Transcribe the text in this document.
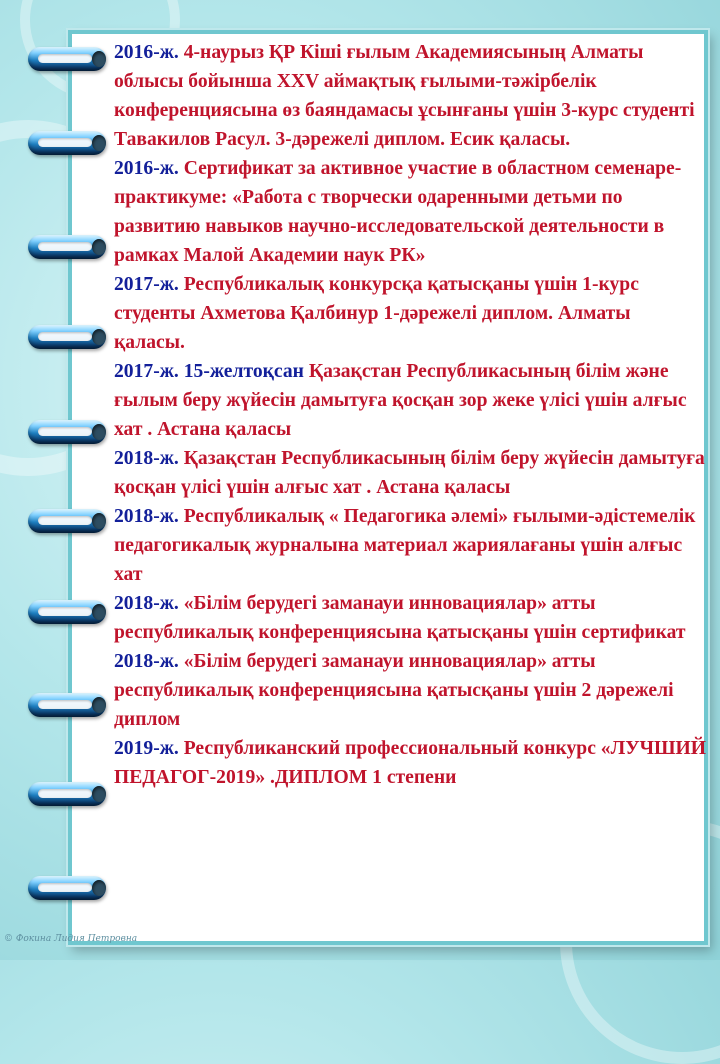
2016-ж. 4-наурыз ҚР Кіші ғылым Академиясының Алматы облысы бойынша XXV аймақтық ғылыми-тәжірбелік конференциясына өз баяндамасы ұсынғаны үшін 3-курс студенті Тавакилов Расул. 3-дәрежелі диплом. Есик қаласы.

2016-ж. Сертификат за активное участие в областном семенаре-практикуме: «Работа с творчески одаренными детьми по развитию навыков научно-исследовательской деятельности в рамках Малой Академии наук РК»

2017-ж. Республикалық конкурсқа қатысқаны үшін 1-курс студенты Ахметова Қалбинур 1-дәрежелі диплом. Алматы қаласы.

2017-ж. 15-желтоқсан Қазақстан Республикасының білім және ғылым беру жүйесін дамытуға қосқан зор жеке үлісі үшін алғыс хат . Астана қаласы

2018-ж. Қазақстан Республикасының білім беру жүйесін дамытуға қосқан үлісі үшін алғыс хат . Астана қаласы

2018-ж. Республикалық « Педагогика әлемі» ғылыми-әдістемелік педагогикалық журналына материал жариялағаны үшін алғыс хат

2018-ж. «Білім берудегі заманауи инновациялар» атты республикалық конференциясына қатысқаны үшін сертификат

2018-ж. «Білім берудегі заманауи инновациялар» атты республикалық конференциясына қатысқаны үшін 2 дәрежелі диплом

2019-ж. Республиканский профессиональный конкурс «ЛУЧШИЙ ПЕДАГОГ-2019» .ДИПЛОМ 1 степени

© Фокина Лидия Петровна
